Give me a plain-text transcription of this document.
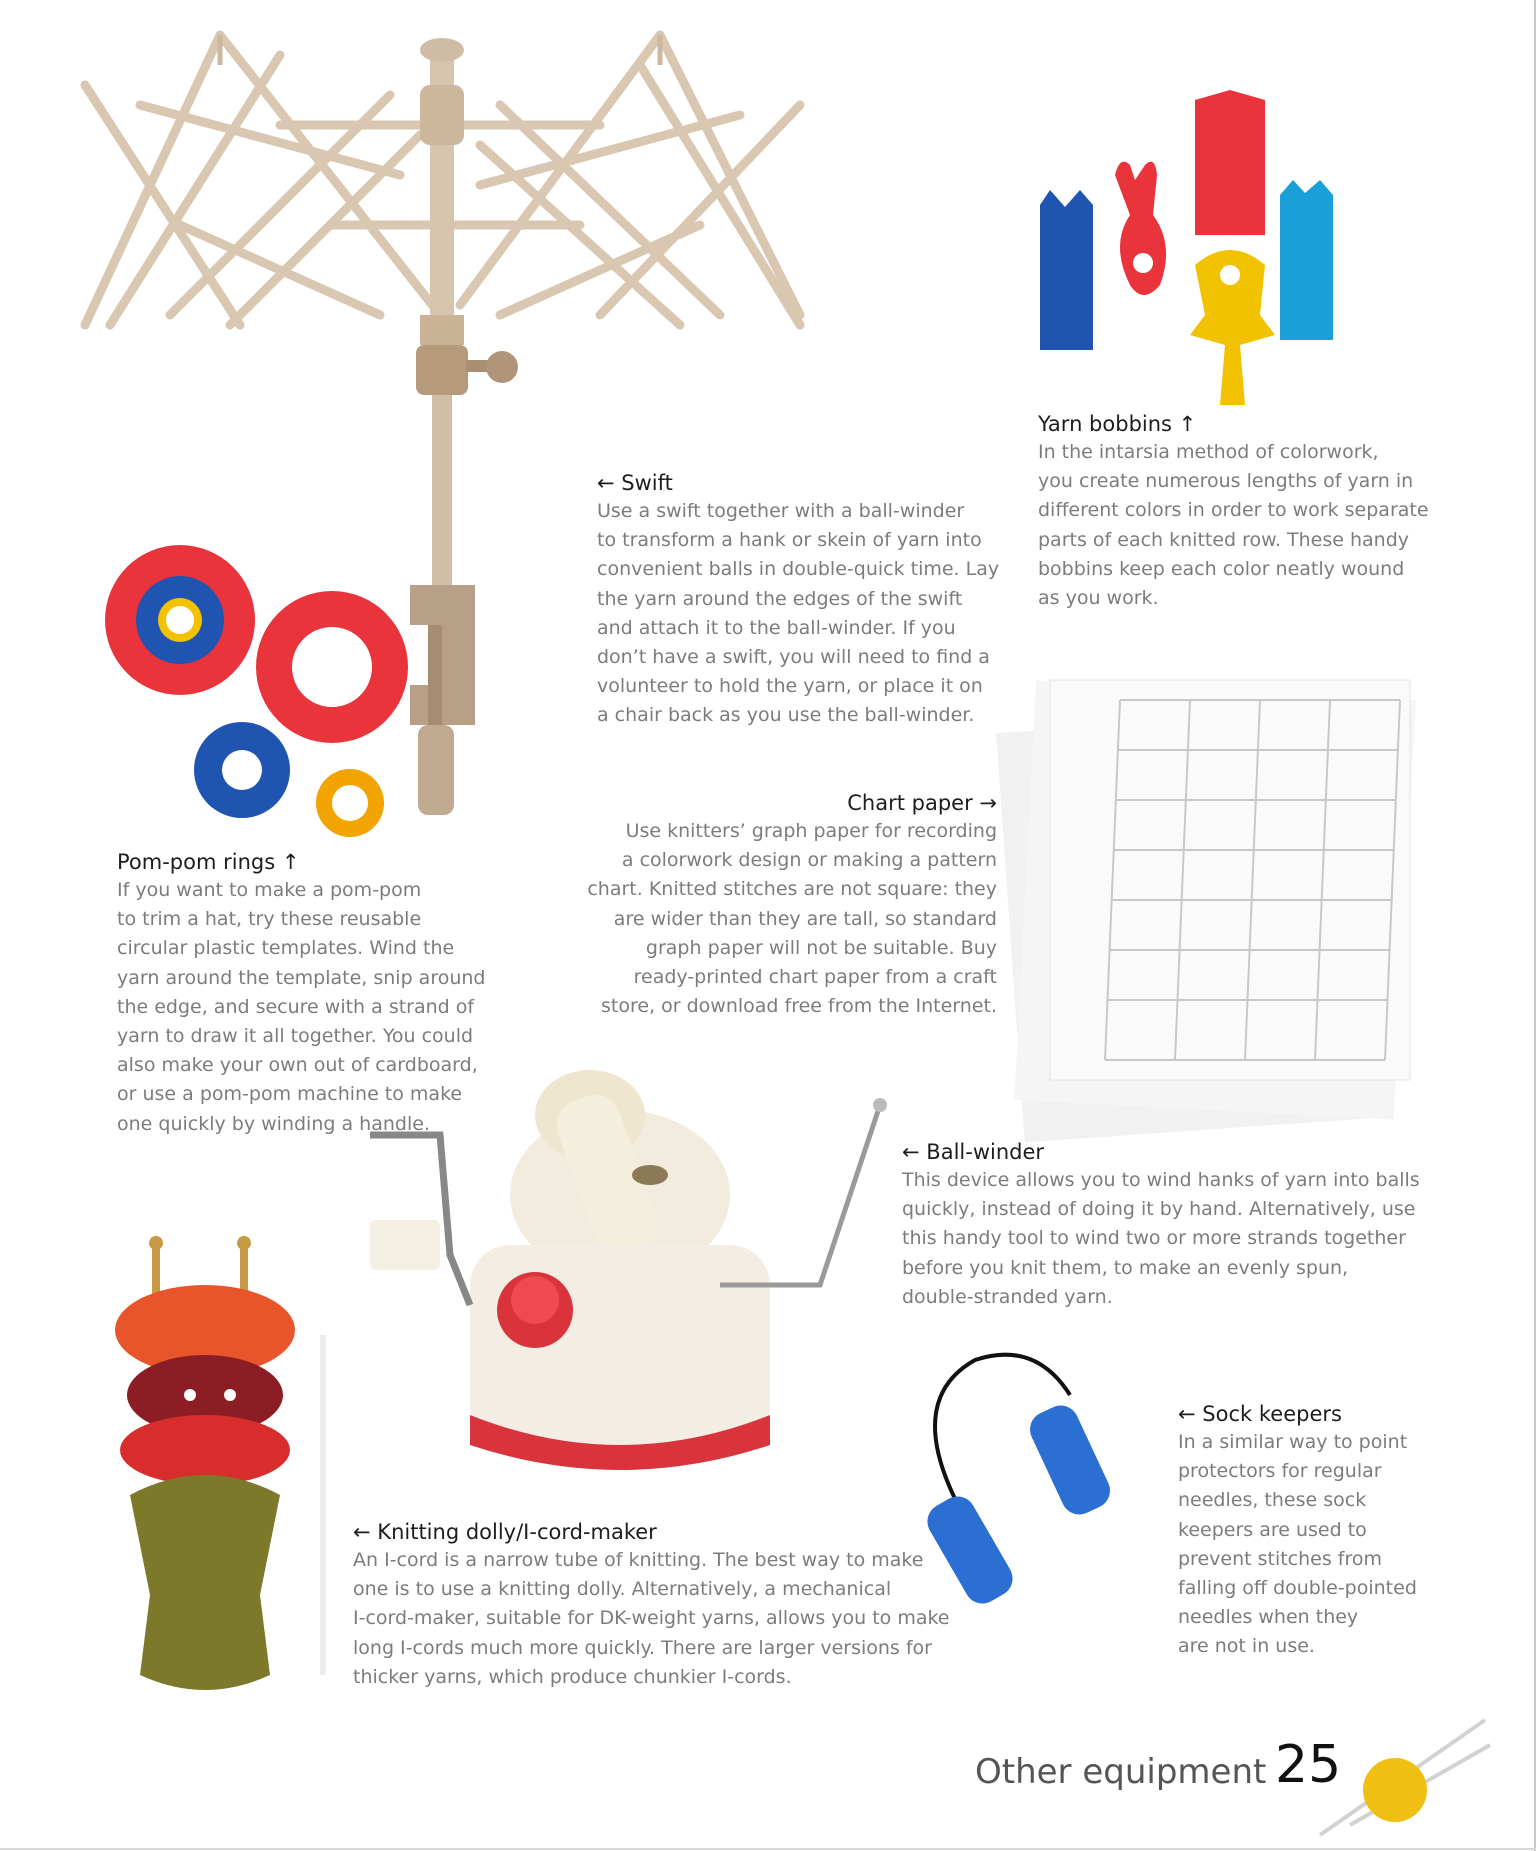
← Swift
Use a swift together with a ball-winder
to transform a hank or skein of yarn into
convenient balls in double-quick time. Lay
the yarn around the edges of the swift
and attach it to the ball-winder. If you
don’t have a swift, you will need to find a
volunteer to hold the yarn, or place it on
a chair back as you use the ball-winder.
Yarn bobbins ↑
In the intarsia method of colorwork,
you create numerous lengths of yarn in
different colors in order to work separate
parts of each knitted row. These handy
bobbins keep each color neatly wound
as you work.
Pom-pom rings ↑
If you want to make a pom-pom
to trim a hat, try these reusable
circular plastic templates. Wind the
yarn around the template, snip around
the edge, and secure with a strand of
yarn to draw it all together. You could
also make your own out of cardboard,
or use a pom-pom machine to make
one quickly by winding a handle.
Chart paper →
Use knitters’ graph paper for recording
a colorwork design or making a pattern
chart. Knitted stitches are not square: they
are wider than they are tall, so standard
graph paper will not be suitable. Buy
ready-printed chart paper from a craft
store, or download free from the Internet.
← Ball-winder
This device allows you to wind hanks of yarn into balls
quickly, instead of doing it by hand. Alternatively, use
this handy tool to wind two or more strands together
before you knit them, to make an evenly spun,
double-stranded yarn.
← Sock keepers
In a similar way to point
protectors for regular
needles, these sock
keepers are used to
prevent stitches from
falling off double-pointed
needles when they
are not in use.
← Knitting dolly/I-cord-maker
An I-cord is a narrow tube of knitting. The best way to make
one is to use a knitting dolly. Alternatively, a mechanical
I-cord-maker, suitable for DK-weight yarns, allows you to make
long I-cords much more quickly. There are larger versions for
thicker yarns, which produce chunkier I-cords.
Other equipment 25
